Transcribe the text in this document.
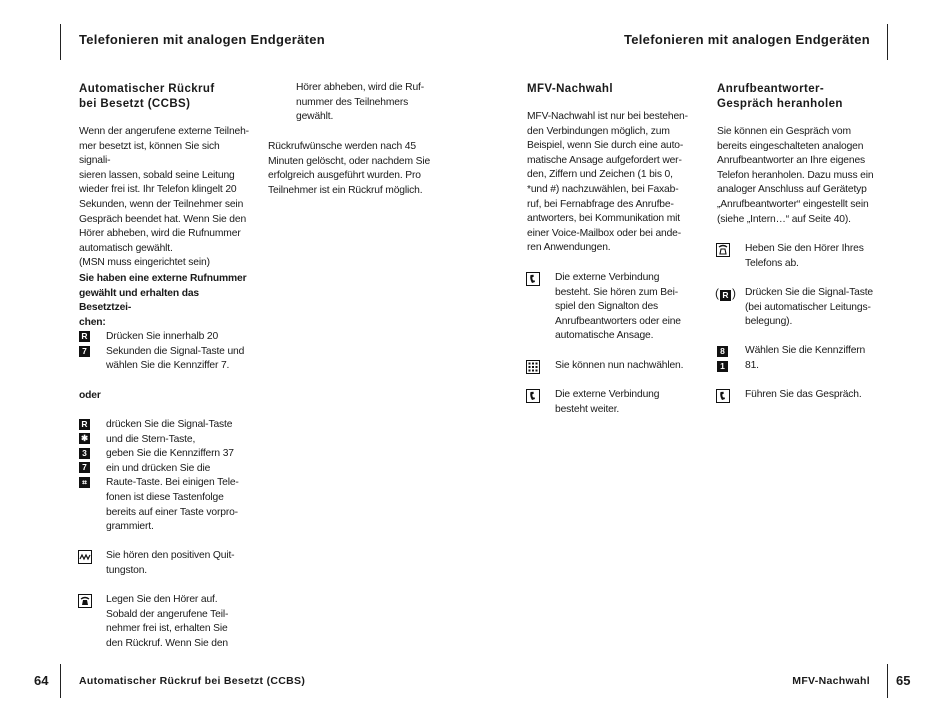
Telefonieren mit analogen Endgeräten
Automatischer Rückruf
bei Besetzt (CCBS)
Wenn der angerufene externe Teilneh-
mer besetzt ist, können Sie sich signali-
sieren lassen, sobald seine Leitung
wieder frei ist. Ihr Telefon klingelt 20
Sekunden, wenn der Teilnehmer sein
Gespräch beendet hat. Wenn Sie den
Hörer abheben, wird die Rufnummer
automatisch gewählt.
(MSN muss eingerichtet sein)
Sie haben eine externe Rufnummer
gewählt und erhalten das Besetztzei-
chen:
R
7
Drücken Sie innerhalb 20
Sekunden die Signal-Taste und
wählen Sie die Kennziffer 7.
oder
R
✱
3
7
⌗
drücken Sie die Signal-Taste
und die Stern-Taste,
geben Sie die Kennziffern 37
ein und drücken Sie die
Raute-Taste. Bei einigen Tele-
fonen ist diese Tastenfolge
bereits auf einer Taste vorpro-
grammiert.
Sie hören den positiven Quit-
tungston.
Legen Sie den Hörer auf.
Sobald der angerufene Teil-
nehmer frei ist, erhalten Sie
den Rückruf. Wenn Sie den
Hörer abheben, wird die Ruf-
nummer des Teilnehmers
gewählt.
Rückrufwünsche werden nach 45
Minuten gelöscht, oder nachdem Sie
erfolgreich ausgeführt wurden. Pro
Teilnehmer ist ein Rückruf möglich.
64	Automatischer Rückruf bei Besetzt (CCBS)
Telefonieren mit analogen Endgeräten
MFV-Nachwahl
MFV-Nachwahl ist nur bei bestehen-
den Verbindungen möglich, zum
Beispiel, wenn Sie durch eine auto-
matische Ansage aufgefordert wer-
den, Ziffern und Zeichen (1 bis 0,
*und #) nachzuwählen, bei Faxab-
ruf, bei Fernabfrage des Anrufbe-
antworters, bei Kommunikation mit
einer Voice-Mailbox oder bei ande-
ren Anwendungen.
Die externe Verbindung
besteht. Sie hören zum Bei-
spiel den Signalton des
Anrufbeantworters oder eine
automatische Ansage.
Sie können nun nachwählen.
Die externe Verbindung
besteht weiter.
Anrufbeantworter-
Gespräch heranholen
Sie können ein Gespräch vom
bereits eingeschalteten analogen
Anrufbeantworter an Ihre eigenes
Telefon heranholen. Dazu muss ein
analoger Anschluss auf Gerätetyp
„Anrufbeantworter“ eingestellt sein
(siehe „Intern…“ auf Seite 40).
Heben Sie den Hörer Ihres
Telefons ab.
( R ) Drücken Sie die Signal-Taste
(bei automatischer Leitungs-
belegung).
8
1
Wählen Sie die Kennziffern
81.
Führen Sie das Gespräch.
MFV-Nachwahl 65
